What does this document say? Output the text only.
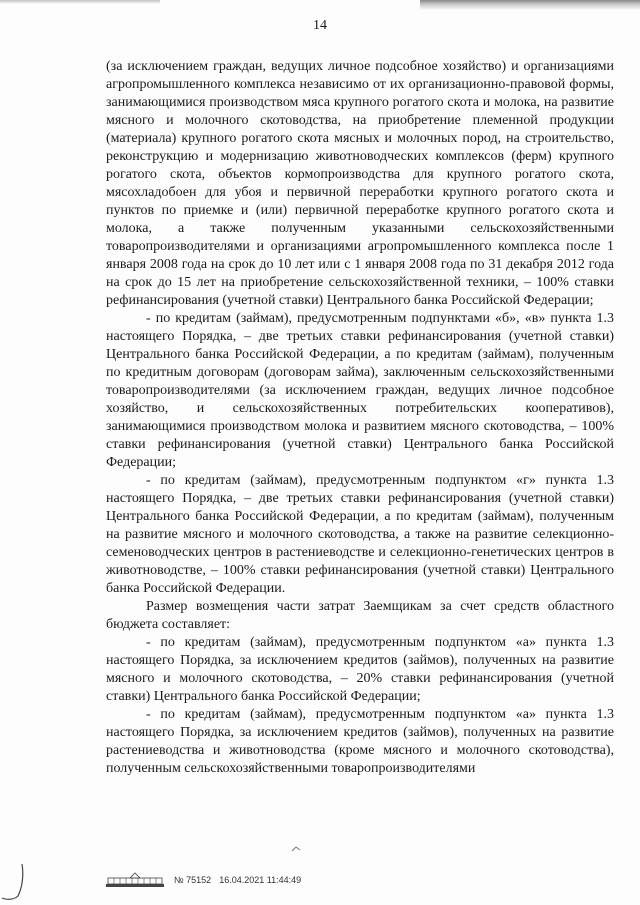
14

(за исключением граждан, ведущих личное подсобное хозяйство) и организациями агропромышленного комплекса независимо от их организационно-правовой формы, занимающимися производством мяса крупного рогатого скота и молока, на развитие мясного и молочного скотоводства, на приобретение племенной продукции (материала) крупного рогатого скота мясных и молочных пород, на строительство, реконструкцию и модернизацию животноводческих комплексов (ферм) крупного рогатого скота, объектов кормопроизводства для крупного рогатого скота, мясохладобоен для убоя и первичной переработки крупного рогатого скота и пунктов по приемке и (или) первичной переработке крупного рогатого скота и молока, а также полученным указанными сельскохозяйственными товаропроизводителями и организациями агропромышленного комплекса после 1 января 2008 года на срок до 10 лет или с 1 января 2008 года по 31 декабря 2012 года на срок до 15 лет на приобретение сельскохозяйственной техники, – 100% ставки рефинансирования (учетной ставки) Центрального банка Российской Федерации;

- по кредитам (займам), предусмотренным подпунктами «б», «в» пункта 1.3 настоящего Порядка, – две третьих ставки рефинансирования (учетной ставки) Центрального банка Российской Федерации, а по кредитам (займам), полученным по кредитным договорам (договорам займа), заключенным сельскохозяйственными товаропроизводителями (за исключением граждан, ведущих личное подсобное хозяйство, и сельскохозяйственных потребительских кооперативов), занимающимися производством молока и развитием мясного скотоводства, – 100% ставки рефинансирования (учетной ставки) Центрального банка Российской Федерации;

- по кредитам (займам), предусмотренным подпунктом «г» пункта 1.3 настоящего Порядка, – две третьих ставки рефинансирования (учетной ставки) Центрального банка Российской Федерации, а по кредитам (займам), полученным на развитие мясного и молочного скотоводства, а также на развитие селекционно-семеноводческих центров в растениеводстве и селекционно-генетических центров в животноводстве, – 100% ставки рефинансирования (учетной ставки) Центрального банка Российской Федерации.

Размер возмещения части затрат Заемщикам за счет средств областного бюджета составляет:

- по кредитам (займам), предусмотренным подпунктом «а» пункта 1.3 настоящего Порядка, за исключением кредитов (займов), полученных на развитие мясного и молочного скотоводства, – 20% ставки рефинансирования (учетной ставки) Центрального банка Российской Федерации;

- по кредитам (займам), предусмотренным подпунктом «а» пункта 1.3 настоящего Порядка, за исключением кредитов (займов), полученных на развитие растениеводства и животноводства (кроме мясного и молочного скотоводства), полученным сельскохозяйственными товаропроизводителями

№ 75152 16.04.2021 11:44:49
